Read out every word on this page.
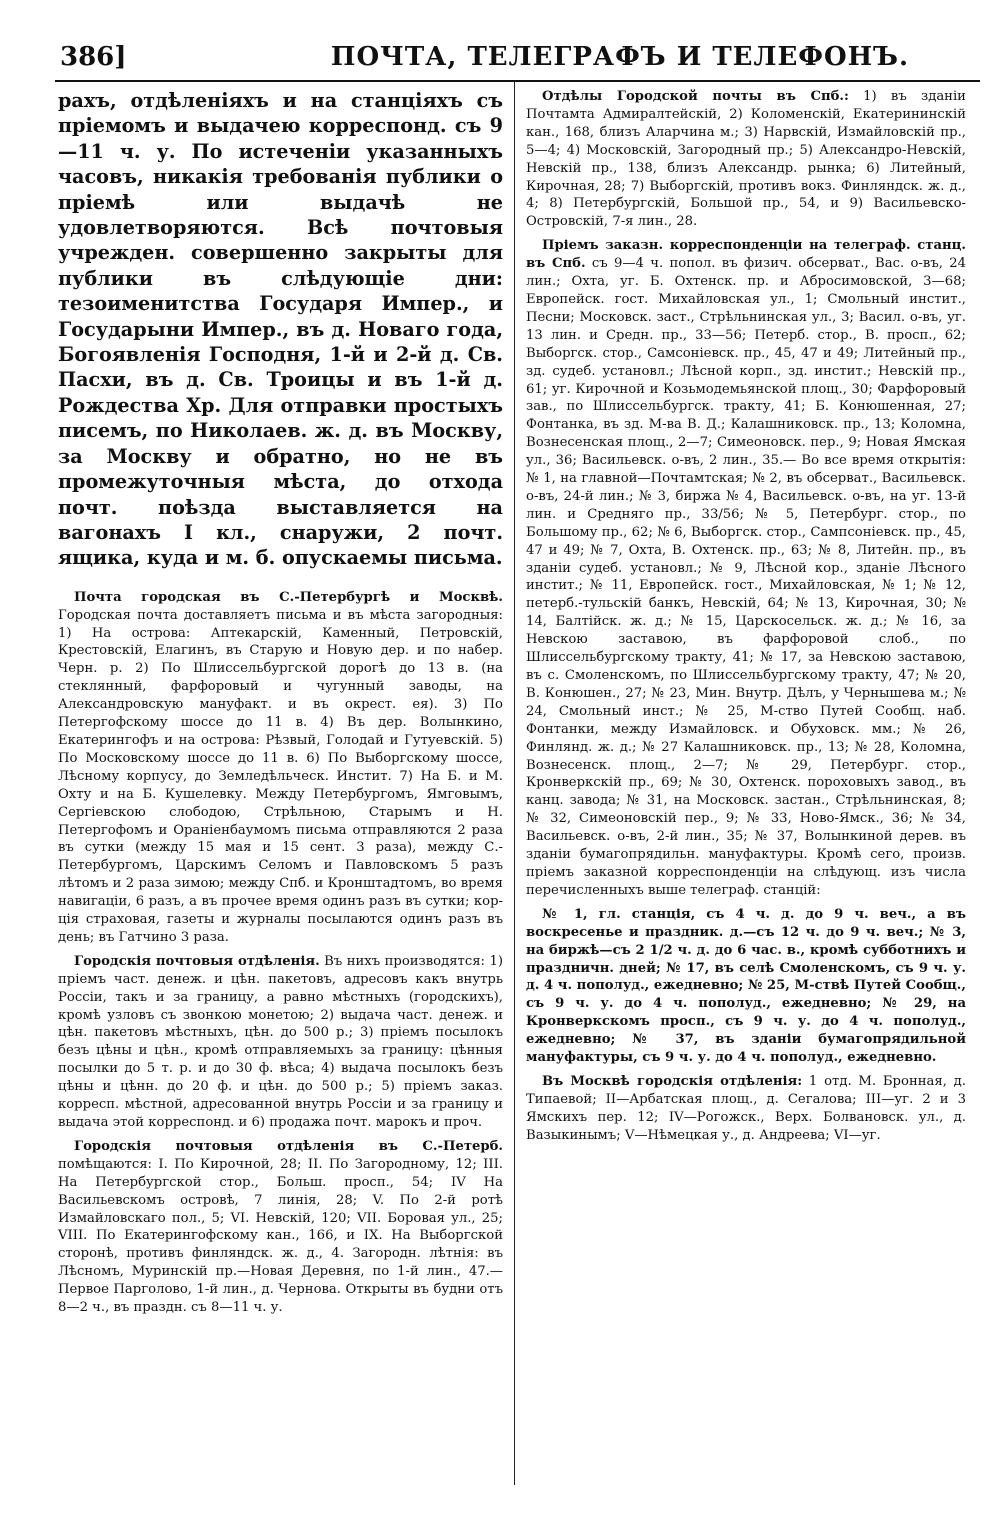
386]	ПОЧТА, ТЕЛЕГРАФЪ И ТЕЛЕФОНЪ.

рахъ, отдѣленіяхъ и на станціяхъ съ пріемомъ и выдачею корреспонд. съ 9—11 ч. у. По истеченіи указанныхъ часовъ, никакія требованія публики о пріемѣ или выдачѣ не удовлетворяются. Всѣ почтовыя учрежден. совершенно закрыты для публики въ слѣдующіе дни: тезоименитства Государя Импер., и Государыни Импер., въ д. Новаго года, Богоявленія Господня, 1-й и 2-й д. Св. Пасхи, въ д. Св. Троицы и въ 1-й д. Рождества Хр. Для отправки простыхъ писемъ, по Николаев. ж. д. въ Москву, за Москву и обратно, но не въ промежуточныя мѣста, до отхода почт. поѣзда выставляется на вагонахъ I кл., снаружи, 2 почт. ящика, куда и м. б. опускаемы письма.

Почта городская въ С.-Петербургѣ и Москвѣ. Городская почта доставляетъ письма и въ мѣста загородныя: 1) На острова: Аптекарскій, Каменный, Петровскій, Крестовскій, Елагинъ, въ Старую и Новую дер. и по набер. Черн. р. 2) По Шлиссельбургской дорогѣ до 13 в. (на стеклянный, фарфоровый и чугунный заводы, на Александровскую мануфакт. и въ окрест. ея). 3) По Петергофскому шоссе до 11 в. 4) Въ дер. Волынкино, Екатерингофъ и на острова: Рѣзвый, Голодай и Гутуевскій. 5) По Московскому шоссе до 11 в. 6) По Выборгскому шоссе, Лѣсному корпусу, до Земледѣльческ. Инстит. 7) На Б. и М. Охту и на Б. Кушелевку. Между Петербургомъ, Ямговымъ, Сергіевскою слободою, Стрѣльною, Старымъ и Н. Петергофомъ и Ораніенбаумомъ письма отправляются 2 раза въ сутки (между 15 мая и 15 сент. 3 раза), между С.-Петербургомъ, Царскимъ Селомъ и Павловскомъ 5 разъ лѣтомъ и 2 раза зимою; между Спб. и Кронштадтомъ, во время навигаціи, 6 разъ, а въ прочее время одинъ разъ въ сутки; кор-ція страховая, газеты и журналы посылаются одинъ разъ въ день; въ Гатчино 3 раза.

Городскія почтовыя отдѣленія. Въ нихъ производятся: 1) пріемъ част. денеж. и цѣн. пакетовъ, адресовъ какъ внутрь Россіи, такъ и за границу, а равно мѣстныхъ (городскихъ), кромѣ узловъ съ звонкою монетою; 2) выдача част. денеж. и цѣн. пакетовъ мѣстныхъ, цѣн. до 500 р.; 3) пріемъ посылокъ безъ цѣны и цѣн., кромѣ отправляемыхъ за границу: цѣнныя посылки до 5 т. р. и до 30 ф. вѣса; 4) выдача посылокъ безъ цѣны и цѣнн. до 20 ф. и цѣн. до 500 р.; 5) пріемъ заказ. корресп. мѣстной, адресованной внутрь Россіи и за границу и выдача этой корреспонд. и 6) продажа почт. марокъ и проч.

Городскія почтовыя отдѣленія въ С.-Петерб. помѣщаются: I. По Кирочной, 28; II. По Загородному, 12; III. На Петербургской стор., Больш. просп., 54; IV На Васильевскомъ островѣ, 7 линія, 28; V. По 2-й ротѣ Измайловскаго пол., 5; VI. Невскій, 120; VII. Боровая ул., 25; VIII. По Екатерингофскому кан., 166, и IX. На Выборгской сторонѣ, противъ финляндск. ж. д., 4. Загородн. лѣтнія: въ Лѣсномъ, Муринскій пр.—Новая Деревня, по 1-й лин., 47.—Первое Парголово, 1-й лин., д. Чернова. Открыты въ будни отъ 8—2 ч., въ праздн. съ 8—11 ч. у.

Отдѣлы Городской почты въ Спб.: 1) въ зданіи Почтамта Адмиралтейскій, 2) Коломенскій, Екатерининскій кан., 168, близъ Аларчина м.; 3) Нарвскій, Измайловскій пр., 5—4; 4) Московскій, Загородный пр.; 5) Александро-Невскій, Невскій пр., 138, близъ Александр. рынка; 6) Литейный, Кирочная, 28; 7) Выборгскій, противъ вокз. Финляндск. ж. д., 4; 8) Петербургскій, Большой пр., 54, и 9) Васильевско-Островскій, 7-я лин., 28.

Пріемъ заказн. корреспонденціи на телеграф. станц. въ Спб. съ 9—4 ч. попол. въ физич. обсерват., Вас. о-въ, 24 лин.; Охта, уг. Б. Охтенск. пр. и Абросимовской, 3—68; Европейск. гост. Михайловская ул., 1; Смольный инстит., Песни; Московск. заст., Стрѣльнинская ул., 3; Васил. о-въ, уг. 13 лин. и Средн. пр., 33—56; Петерб. стор., В. просп., 62; Выборгск. стор., Самсоніевск. пр., 45, 47 и 49; Литейный пр., зд. судеб. установл.; Лѣсной корп., зд. инстит.; Невскій пр., 61; уг. Кирочной и Козьмодемьянской площ., 30; Фарфоровый зав., по Шлиссельбургск. тракту, 41; Б. Конюшенная, 27; Фонтанка, въ зд. М-ва В. Д.; Калашниковск. пр., 13; Коломна, Вознесенская площ., 2—7; Симеоновск. пер., 9; Новая Ямская ул., 36; Васильевск. о-въ, 2 лин., 35.— Во все время открытія: № 1, на главной—Почтамтская; № 2, въ обсерват., Васильевск. о-въ, 24-й лин.; № 3, биржа № 4, Васильевск. о-въ, на уг. 13-й лин. и Средняго пр., 33/56; № 5, Петербург. стор., по Большому пр., 62; № 6, Выборгск. стор., Сампсоніевск. пр., 45, 47 и 49; № 7, Охта, В. Охтенск. пр., 63; № 8, Литейн. пр., въ зданіи судеб. установл.; № 9, Лѣсной кор., зданіе Лѣсного инстит.; № 11, Европейск. гост., Михайловская, № 1; № 12, петерб.-тульскій банкъ, Невскій, 64; № 13, Кирочная, 30; № 14, Балтійск. ж. д.; № 15, Царскосельск. ж. д.; № 16, за Невскою заставою, въ фарфоровой слоб., по Шлиссельбургскому тракту, 41; № 17, за Невскою заставою, въ с. Смоленскомъ, по Шлиссельбургскому тракту, 47; № 20, В. Конюшен., 27; № 23, Мин. Внутр. Дѣлъ, у Чернышева м.; № 24, Смольный инст.; № 25, М-ство Путей Сообщ. наб. Фонтанки, между Измайловск. и Обуховск. мм.; № 26, Финлянд. ж. д.; № 27 Калашниковск. пр., 13; № 28, Коломна, Вознесенск. площ., 2—7; № 29, Петербург. стор., Кронверкскій пр., 69; № 30, Охтенск. пороховыхъ завод., въ канц. завода; № 31, на Московск. застан., Стрѣльнинская, 8; № 32, Симеоновскій пер., 9; № 33, Ново-Ямск., 36; № 34, Васильевск. о-въ, 2-й лин., 35; № 37, Волынкиной дерев. въ зданіи бумагопрядильн. мануфактуры. Кромѣ сего, произв. пріемъ заказной корреспонденціи на слѣдующ. изъ числа перечисленныхъ выше телеграф. станцій:

№ 1, гл. станція, съ 4 ч. д. до 9 ч. веч., а въ воскресенье и праздник. д.—съ 12 ч. до 9 ч. веч.; № 3, на биржѣ—съ 2 1/2 ч. д. до 6 час. в., кромѣ субботнихъ и праздничн. дней; № 17, въ селѣ Смоленскомъ, съ 9 ч. у. д. 4 ч. пополуд., ежедневно; № 25, М-ствѣ Путей Сообщ., съ 9 ч. у. до 4 ч. пополуд., ежедневно; № 29, на Кронверкскомъ просп., съ 9 ч. у. до 4 ч. пополуд., ежедневно; № 37, въ зданіи бумагопрядильной мануфактуры, съ 9 ч. у. до 4 ч. пополуд., ежедневно.

Въ Москвѣ городскія отдѣленія: 1 отд. М. Бронная, д. Типаевой; II—Арбатская площ., д. Сегалова; III—уг. 2 и 3 Ямскихъ пер. 12; IV—Рогожск., Верх. Болвановск. ул., д. Вазыкинымъ; V—Нѣмецкая у., д. Андреева; VI—уг.
